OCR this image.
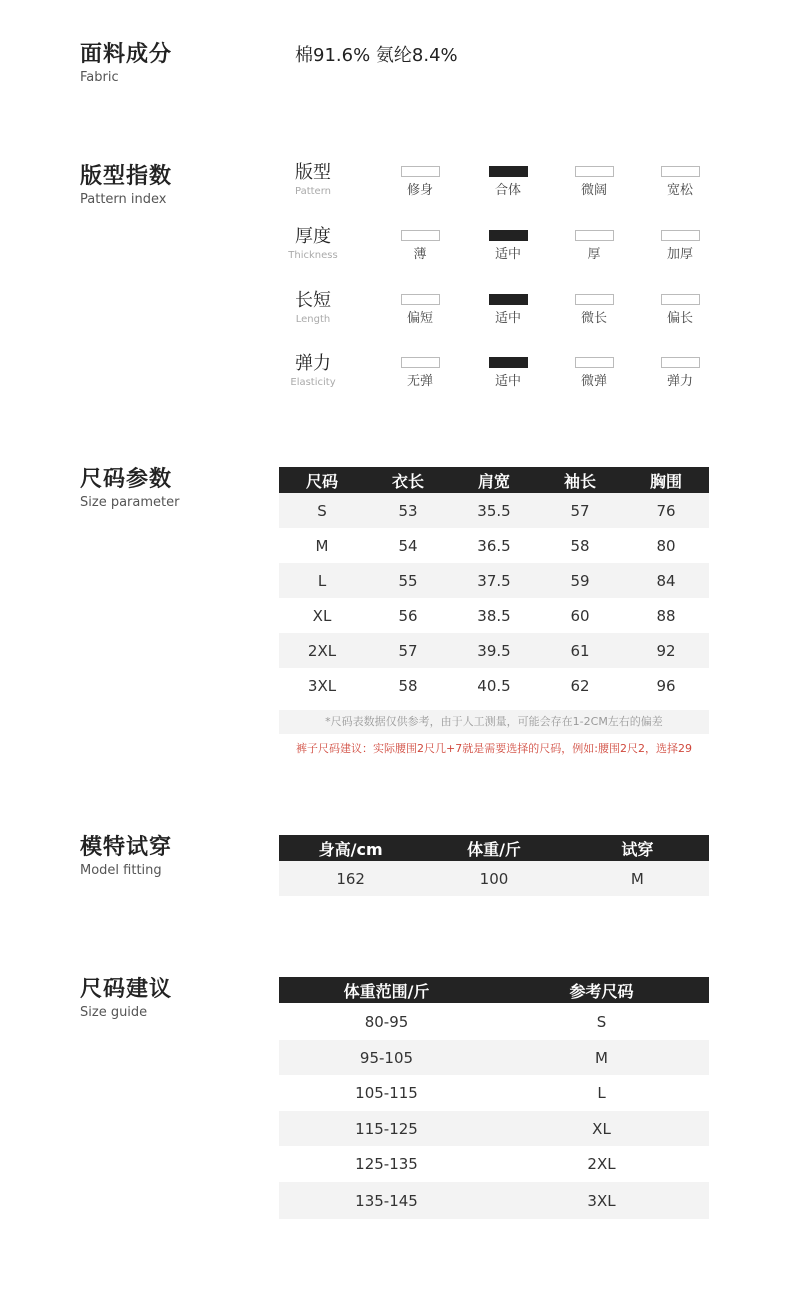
面料成分
Fabric
棉91.6% 氨纶8.4%
版型指数
Pattern index
版型
Pattern	修身	合体	微阔	宽松
厚度
Thickness	薄	适中	厚	加厚
长短
Length	偏短	适中	微长	偏长
弹力
Elasticity	无弹	适中	微弹	弹力
尺码参数
Size parameter
尺码	衣长	肩宽	袖长	胸围
S	53	35.5	57	76
M	54	36.5	58	80
L	55	37.5	59	84
XL	56	38.5	60	88
2XL	57	39.5	61	92
3XL	58	40.5	62	96
*尺码表数据仅供参考，由于人工测量，可能会存在1-2CM左右的偏差
裤子尺码建议：实际腰围2尺几+7就是需要选择的尺码，例如:腰围2尺2，选择29
模特试穿
Model fitting
身高/cm	体重/斤	试穿
162	100	M
尺码建议
Size guide
体重范围/斤	参考尺码
80-95	S
95-105	M
105-115	L
115-125	XL
125-135	2XL
135-145	3XL
